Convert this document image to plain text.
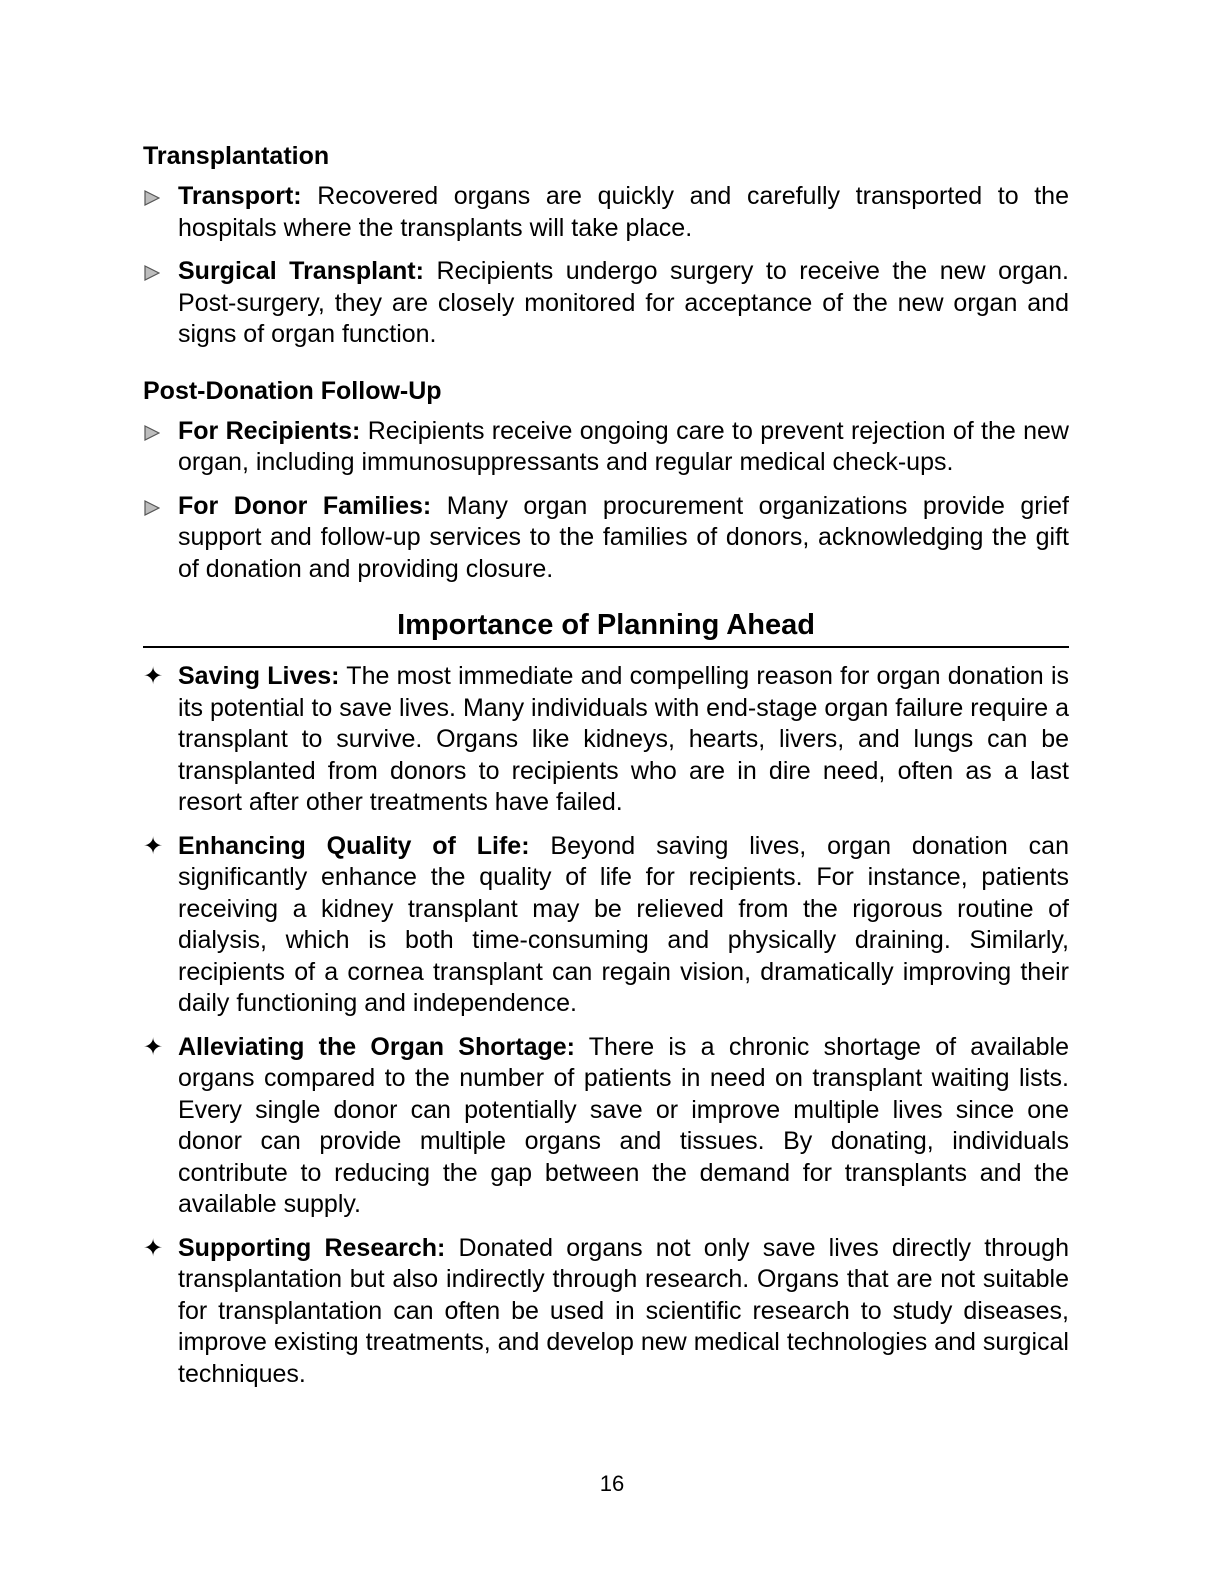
Transplantation
Transport: Recovered organs are quickly and carefully transported to the hospitals where the transplants will take place.
Surgical Transplant: Recipients undergo surgery to receive the new organ. Post-surgery, they are closely monitored for acceptance of the new organ and signs of organ function.
Post-Donation Follow-Up
For Recipients: Recipients receive ongoing care to prevent rejection of the new organ, including immunosuppressants and regular medical check-ups.
For Donor Families: Many organ procurement organizations provide grief support and follow-up services to the families of donors, acknowledging the gift of donation and providing closure.
Importance of Planning Ahead
✦ Saving Lives: The most immediate and compelling reason for organ donation is its potential to save lives. Many individuals with end-stage organ failure require a transplant to survive. Organs like kidneys, hearts, livers, and lungs can be transplanted from donors to recipients who are in dire need, often as a last resort after other treatments have failed.
✦ Enhancing Quality of Life: Beyond saving lives, organ donation can significantly enhance the quality of life for recipients. For instance, patients receiving a kidney transplant may be relieved from the rigorous routine of dialysis, which is both time-consuming and physically draining. Similarly, recipients of a cornea transplant can regain vision, dramatically improving their daily functioning and independence.
✦ Alleviating the Organ Shortage: There is a chronic shortage of available organs compared to the number of patients in need on transplant waiting lists. Every single donor can potentially save or improve multiple lives since one donor can provide multiple organs and tissues. By donating, individuals contribute to reducing the gap between the demand for transplants and the available supply.
✦ Supporting Research: Donated organs not only save lives directly through transplantation but also indirectly through research. Organs that are not suitable for transplantation can often be used in scientific research to study diseases, improve existing treatments, and develop new medical technologies and surgical techniques.
16
